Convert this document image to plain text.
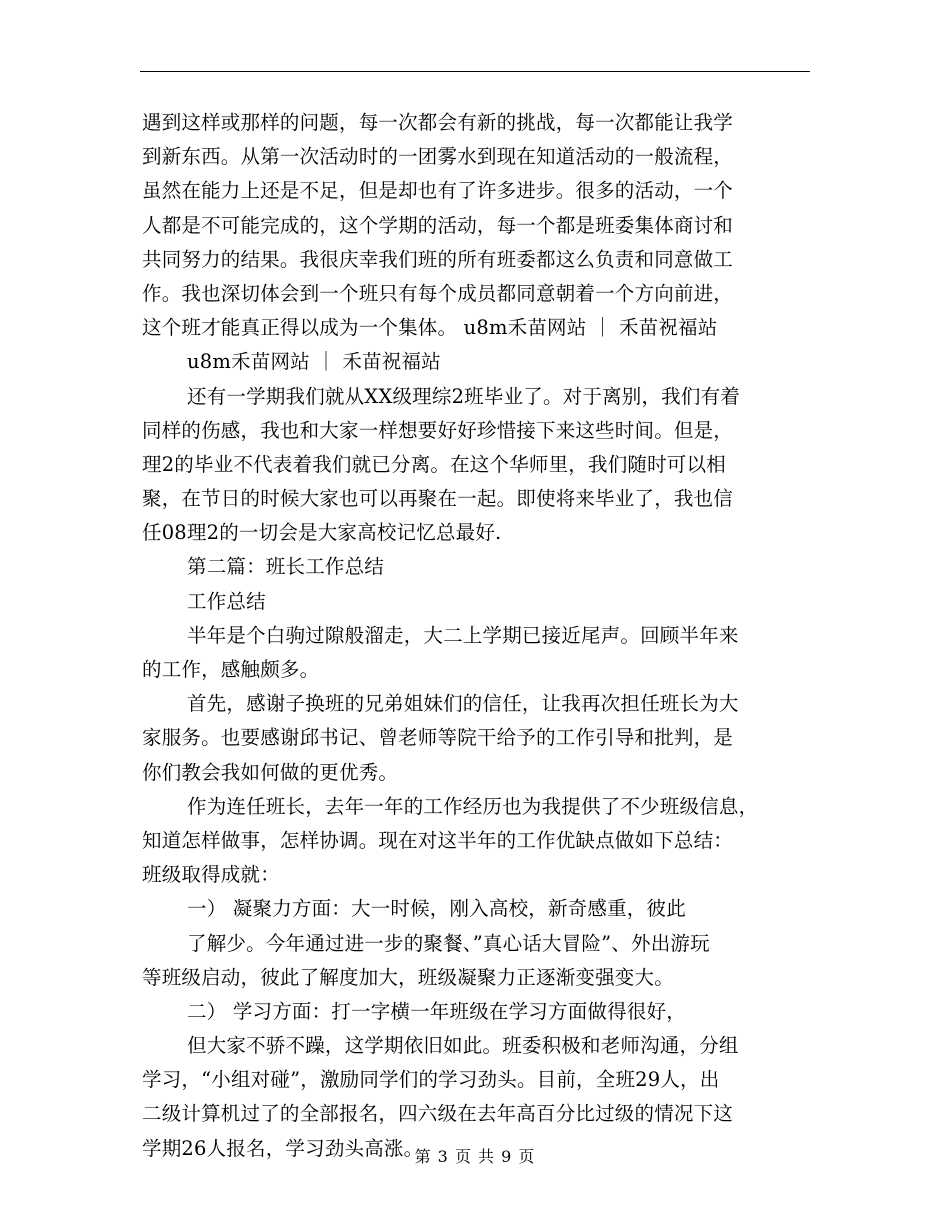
遇到这样或那样的问题，每一次都会有新的挑战，每一次都能让我学
到新东西。从第一次活动时的一团雾水到现在知道活动的一般流程，
虽然在能力上还是不足，但是却也有了许多进步。很多的活动，一个
人都是不可能完成的，这个学期的活动，每一个都是班委集体商讨和
共同努力的结果。我很庆幸我们班的所有班委都这么负责和同意做工
作。我也深切体会到一个班只有每个成员都同意朝着一个方向前进，
这个班才能真正得以成为一个集体。 u8m禾苗网站 ｜ 禾苗祝福站
u8m禾苗网站 ｜ 禾苗祝福站
还有一学期我们就从XX级理综2班毕业了。对于离别，我们有着
同样的伤感，我也和大家一样想要好好珍惜接下来这些时间。但是，
理2的毕业不代表着我们就已分离。在这个华师里，我们随时可以相
聚，在节日的时候大家也可以再聚在一起。即使将来毕业了，我也信
任08理2的一切会是大家高校记忆总最好.
第二篇：班长工作总结
工作总结
半年是个白驹过隙般溜走，大二上学期已接近尾声。回顾半年来
的工作，感触颇多。
首先，感谢子换班的兄弟姐妹们的信任，让我再次担任班长为大
家服务。也要感谢邱书记、曾老师等院干给予的工作引导和批判，是
你们教会我如何做的更优秀。
作为连任班长，去年一年的工作经历也为我提供了不少班级信息，
知道怎样做事，怎样协调。现在对这半年的工作优缺点做如下总结：
班级取得成就：
一） 凝聚力方面：大一时候，刚入高校，新奇感重，彼此
了解少。今年通过进一步的聚餐、”真心话大冒险”、外出游玩
等班级启动，彼此了解度加大，班级凝聚力正逐渐变强变大。
二） 学习方面：打一字横一年班级在学习方面做得很好，
但大家不骄不躁，这学期依旧如此。班委积极和老师沟通，分组
学习，“小组对碰”，激励同学们的学习劲头。目前，全班29人，出
二级计算机过了的全部报名，四六级在去年高百分比过级的情况下这
学期26人报名，学习劲头高涨。
第 3 页 共 9 页
